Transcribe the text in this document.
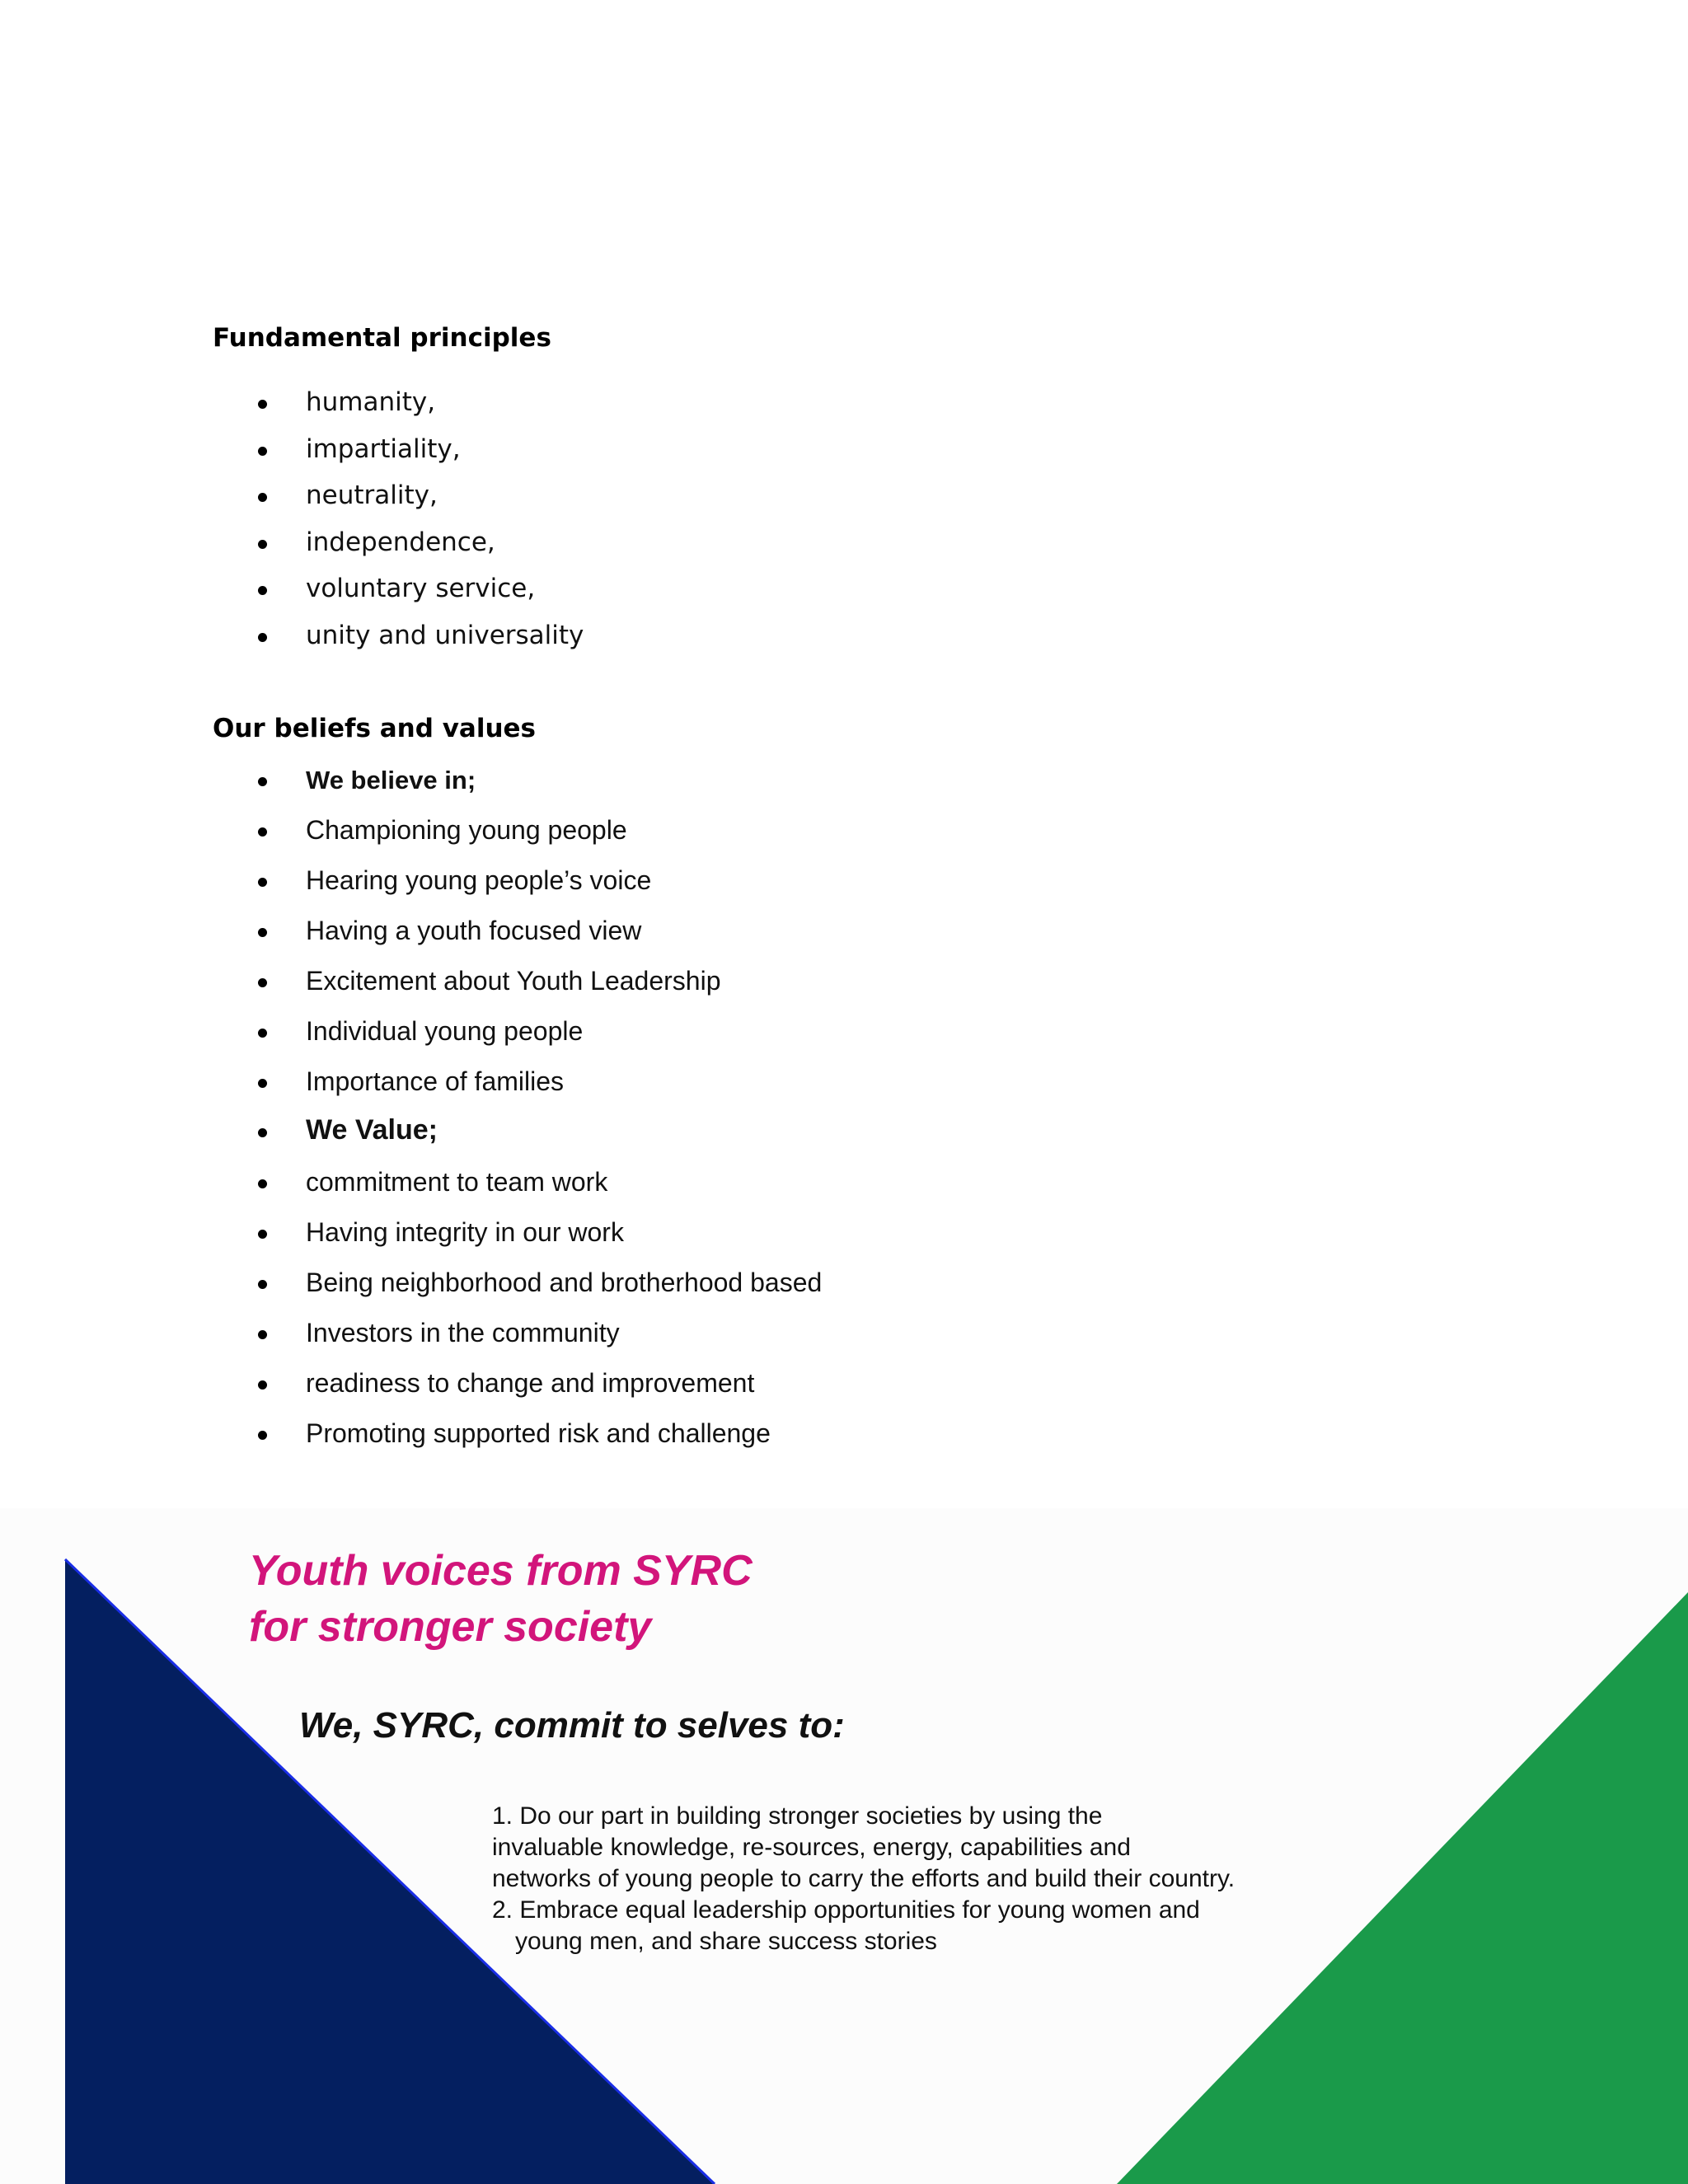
Fundamental principles
humanity,
impartiality,
neutrality,
independence,
voluntary service,
unity and universality
Our beliefs and values
We believe in;
Championing young people
Hearing young people’s voice
Having a youth focused view
Excitement about Youth Leadership
Individual young people
Importance of families
We Value;
commitment to team work
Having integrity in our work
Being neighborhood and brotherhood based
Investors in the community
readiness to change and improvement
Promoting supported risk and challenge
Youth voices from SYRC
for stronger society
We, SYRC, commit to selves to:
1. Do our part in building stronger societies by using the
invaluable knowledge, re-sources, energy, capabilities and
networks of young people to carry the efforts and build their country.
2. Embrace equal leadership opportunities for young women and
young men, and share success stories
